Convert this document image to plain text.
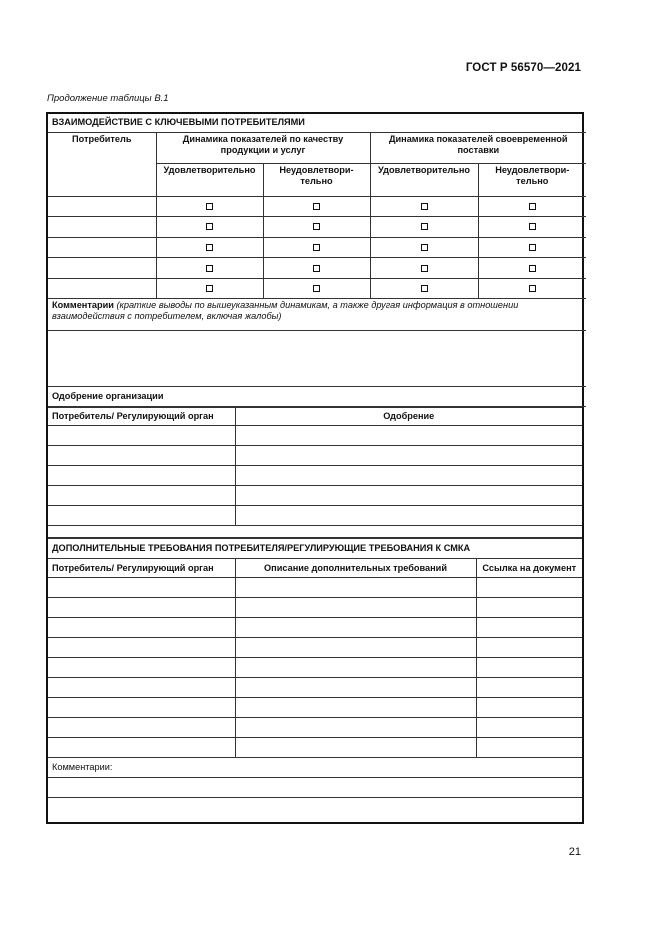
ГОСТ Р 56570—2021
Продолжение таблицы В.1
ВЗАИМОДЕЙСТВИЕ С КЛЮЧЕВЫМИ ПОТРЕБИТЕЛЯМИ				
Потребитель	Динамика показателей по качеству продукции и услуг		Динамика показателей своевременной поставки	
	Удовлетворительно	Неудовлетвори-тельно	Удовлетворительно	Неудовлетвори-тельно

Комментарии (краткие выводы по вышеуказанным динамикам, а также другая информация в отношении взаимодействия с потребителем, включая жалобы)				

Одобрение организации				
Потребитель/ Регулирующий орган	Одобрение

ДОПОЛНИТЕЛЬНЫЕ ТРЕБОВАНИЯ ПОТРЕБИТЕЛЯ/РЕГУЛИРУЮЩИЕ ТРЕБОВАНИЯ К СМКА		
Потребитель/ Регулирующий орган	Описание дополнительных требований	Ссылка на документ

Комментарии:		

21
